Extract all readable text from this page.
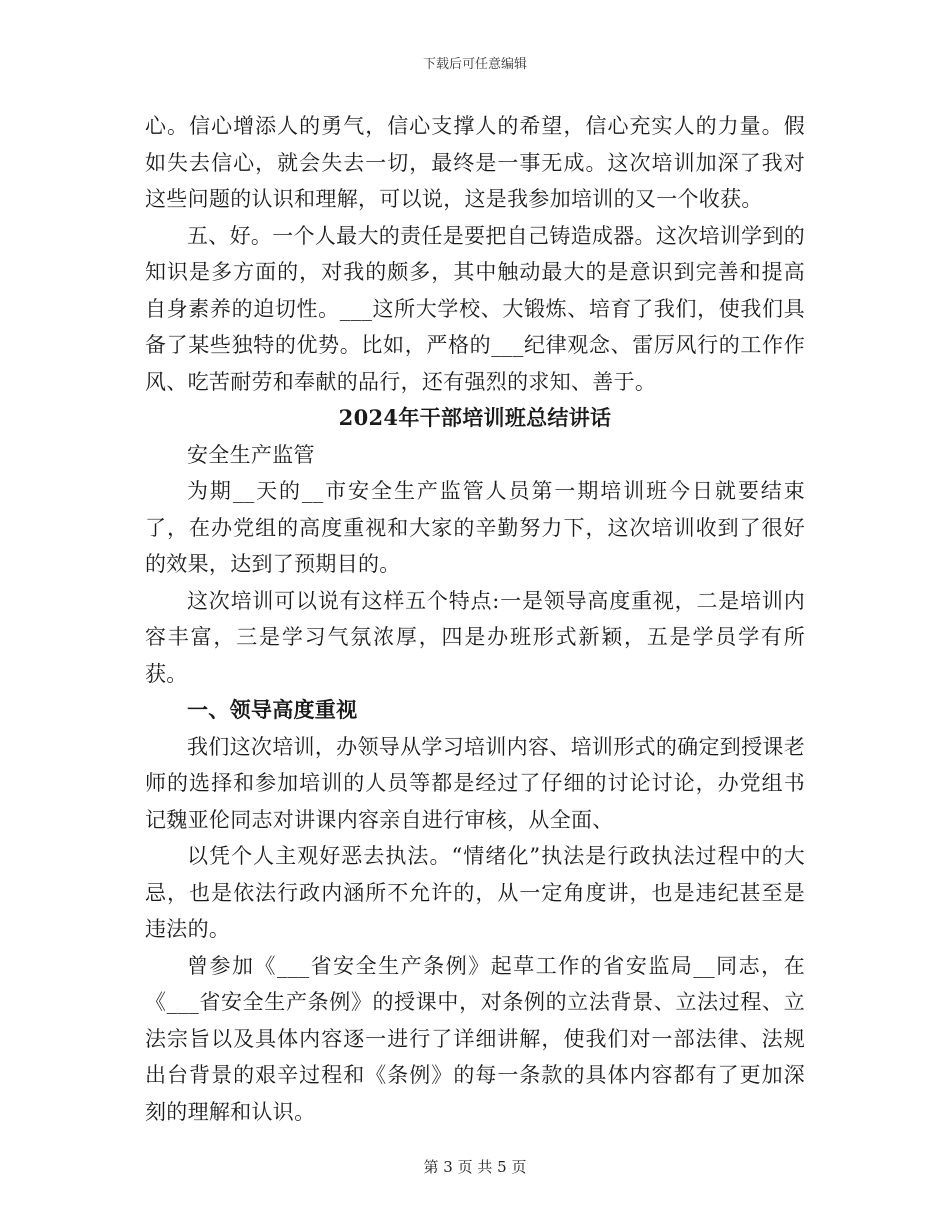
下载后可任意编辑

心。信心增添人的勇气，信心支撑人的希望，信心充实人的力量。假如失去信心，就会失去一切，最终是一事无成。这次培训加深了我对这些问题的认识和理解，可以说，这是我参加培训的又一个收获。

五、好。一个人最大的责任是要把自己铸造成器。这次培训学到的知识是多方面的，对我的颇多，其中触动最大的是意识到完善和提高自身素养的迫切性。___这所大学校、大锻炼、培育了我们，使我们具备了某些独特的优势。比如，严格的___纪律观念、雷厉风行的工作作风、吃苦耐劳和奉献的品行，还有强烈的求知、善于。

2024年干部培训班总结讲话

安全生产监管

为期__天的__市安全生产监管人员第一期培训班今日就要结束了，在办党组的高度重视和大家的辛勤努力下，这次培训收到了很好的效果，达到了预期目的。

这次培训可以说有这样五个特点:一是领导高度重视，二是培训内容丰富，三是学习气氛浓厚，四是办班形式新颖，五是学员学有所获。

一、领导高度重视

我们这次培训，办领导从学习培训内容、培训形式的确定到授课老师的选择和参加培训的人员等都是经过了仔细的讨论讨论，办党组书记魏亚伦同志对讲课内容亲自进行审核，从全面、

以凭个人主观好恶去执法。“情绪化”执法是行政执法过程中的大忌，也是依法行政内涵所不允许的，从一定角度讲，也是违纪甚至是违法的。

曾参加《___省安全生产条例》起草工作的省安监局__同志，在《___省安全生产条例》的授课中，对条例的立法背景、立法过程、立法宗旨以及具体内容逐一进行了详细讲解，使我们对一部法律、法规出台背景的艰辛过程和《条例》的每一条款的具体内容都有了更加深刻的理解和认识。

第 3 页 共 5 页
